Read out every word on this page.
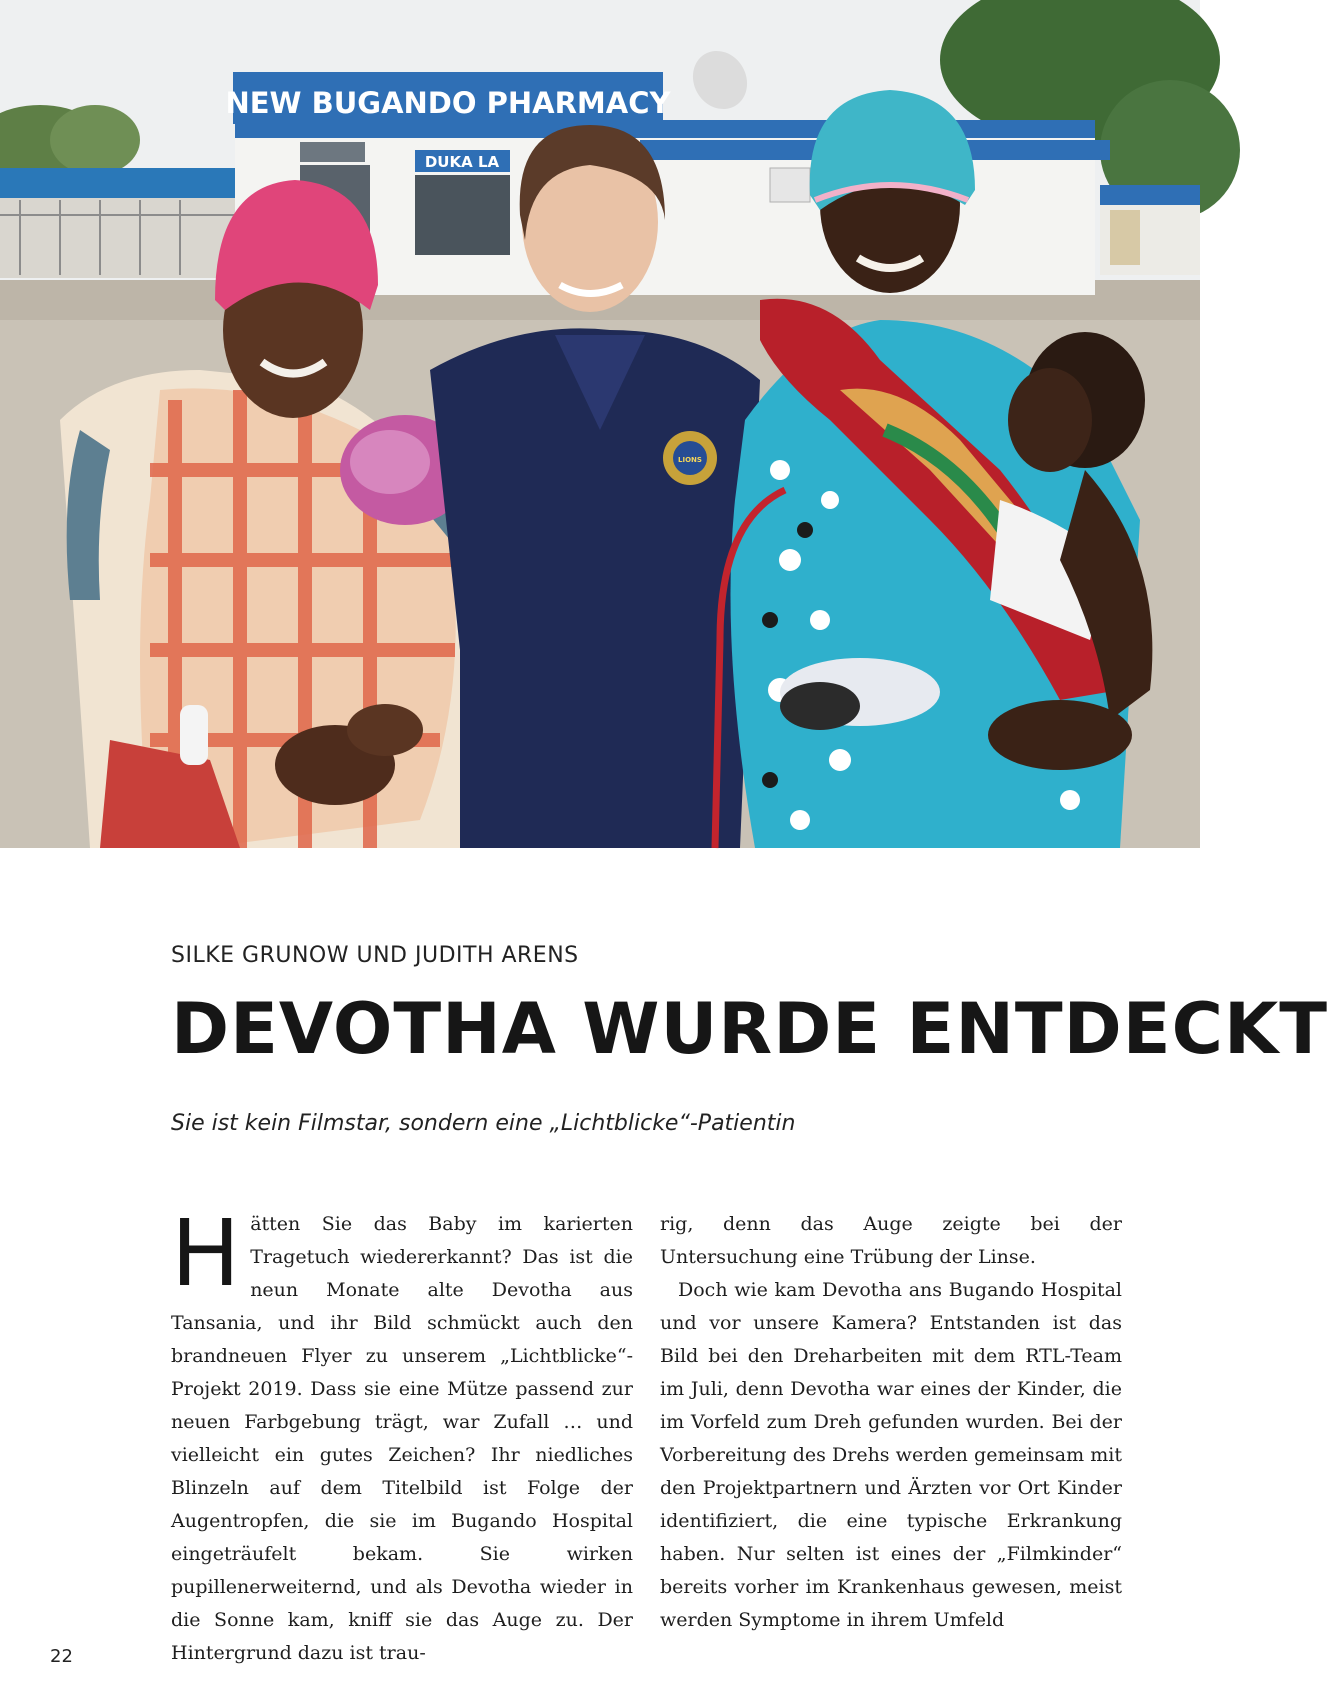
NEW BUGANDO PHARMACY
DUKA LA
LIONS
SILKE GRUNOW UND JUDITH ARENS
DEVOTHA WURDE ENTDECKT
Sie ist kein Filmstar, sondern eine „Lichtblicke“-Patientin

H ätten Sie das Baby im karierten Tragetuch wiedererkannt? Das ist die neun Monate alte Devotha aus Tansania, und ihr Bild schmückt auch den brandneuen Flyer zu unserem „Lichtblicke“-Projekt 2019. Dass sie eine Mütze passend zur neuen Farbgebung trägt, war Zufall … und vielleicht ein gutes Zeichen? Ihr niedliches Blinzeln auf dem Titelbild ist Folge der Augentropfen, die sie im Bugando Hospital eingeträufelt bekam. Sie wirken pupillenerweiternd, und als Devotha wieder in die Sonne kam, kniff sie das Auge zu. Der Hintergrund dazu ist trau-

rig, denn das Auge zeigte bei der Untersuchung eine Trübung der Linse.

Doch wie kam Devotha ans Bugando Hospital und vor unsere Kamera? Entstanden ist das Bild bei den Dreharbeiten mit dem RTL-Team im Juli, denn Devotha war eines der Kinder, die im Vorfeld zum Dreh gefunden wurden. Bei der Vorbereitung des Drehs werden gemeinsam mit den Projektpartnern und Ärzten vor Ort Kinder identifiziert, die eine typische Erkrankung haben. Nur selten ist eines der „Filmkinder“ bereits vorher im Krankenhaus gewesen, meist werden Symptome in ihrem Umfeld

22
